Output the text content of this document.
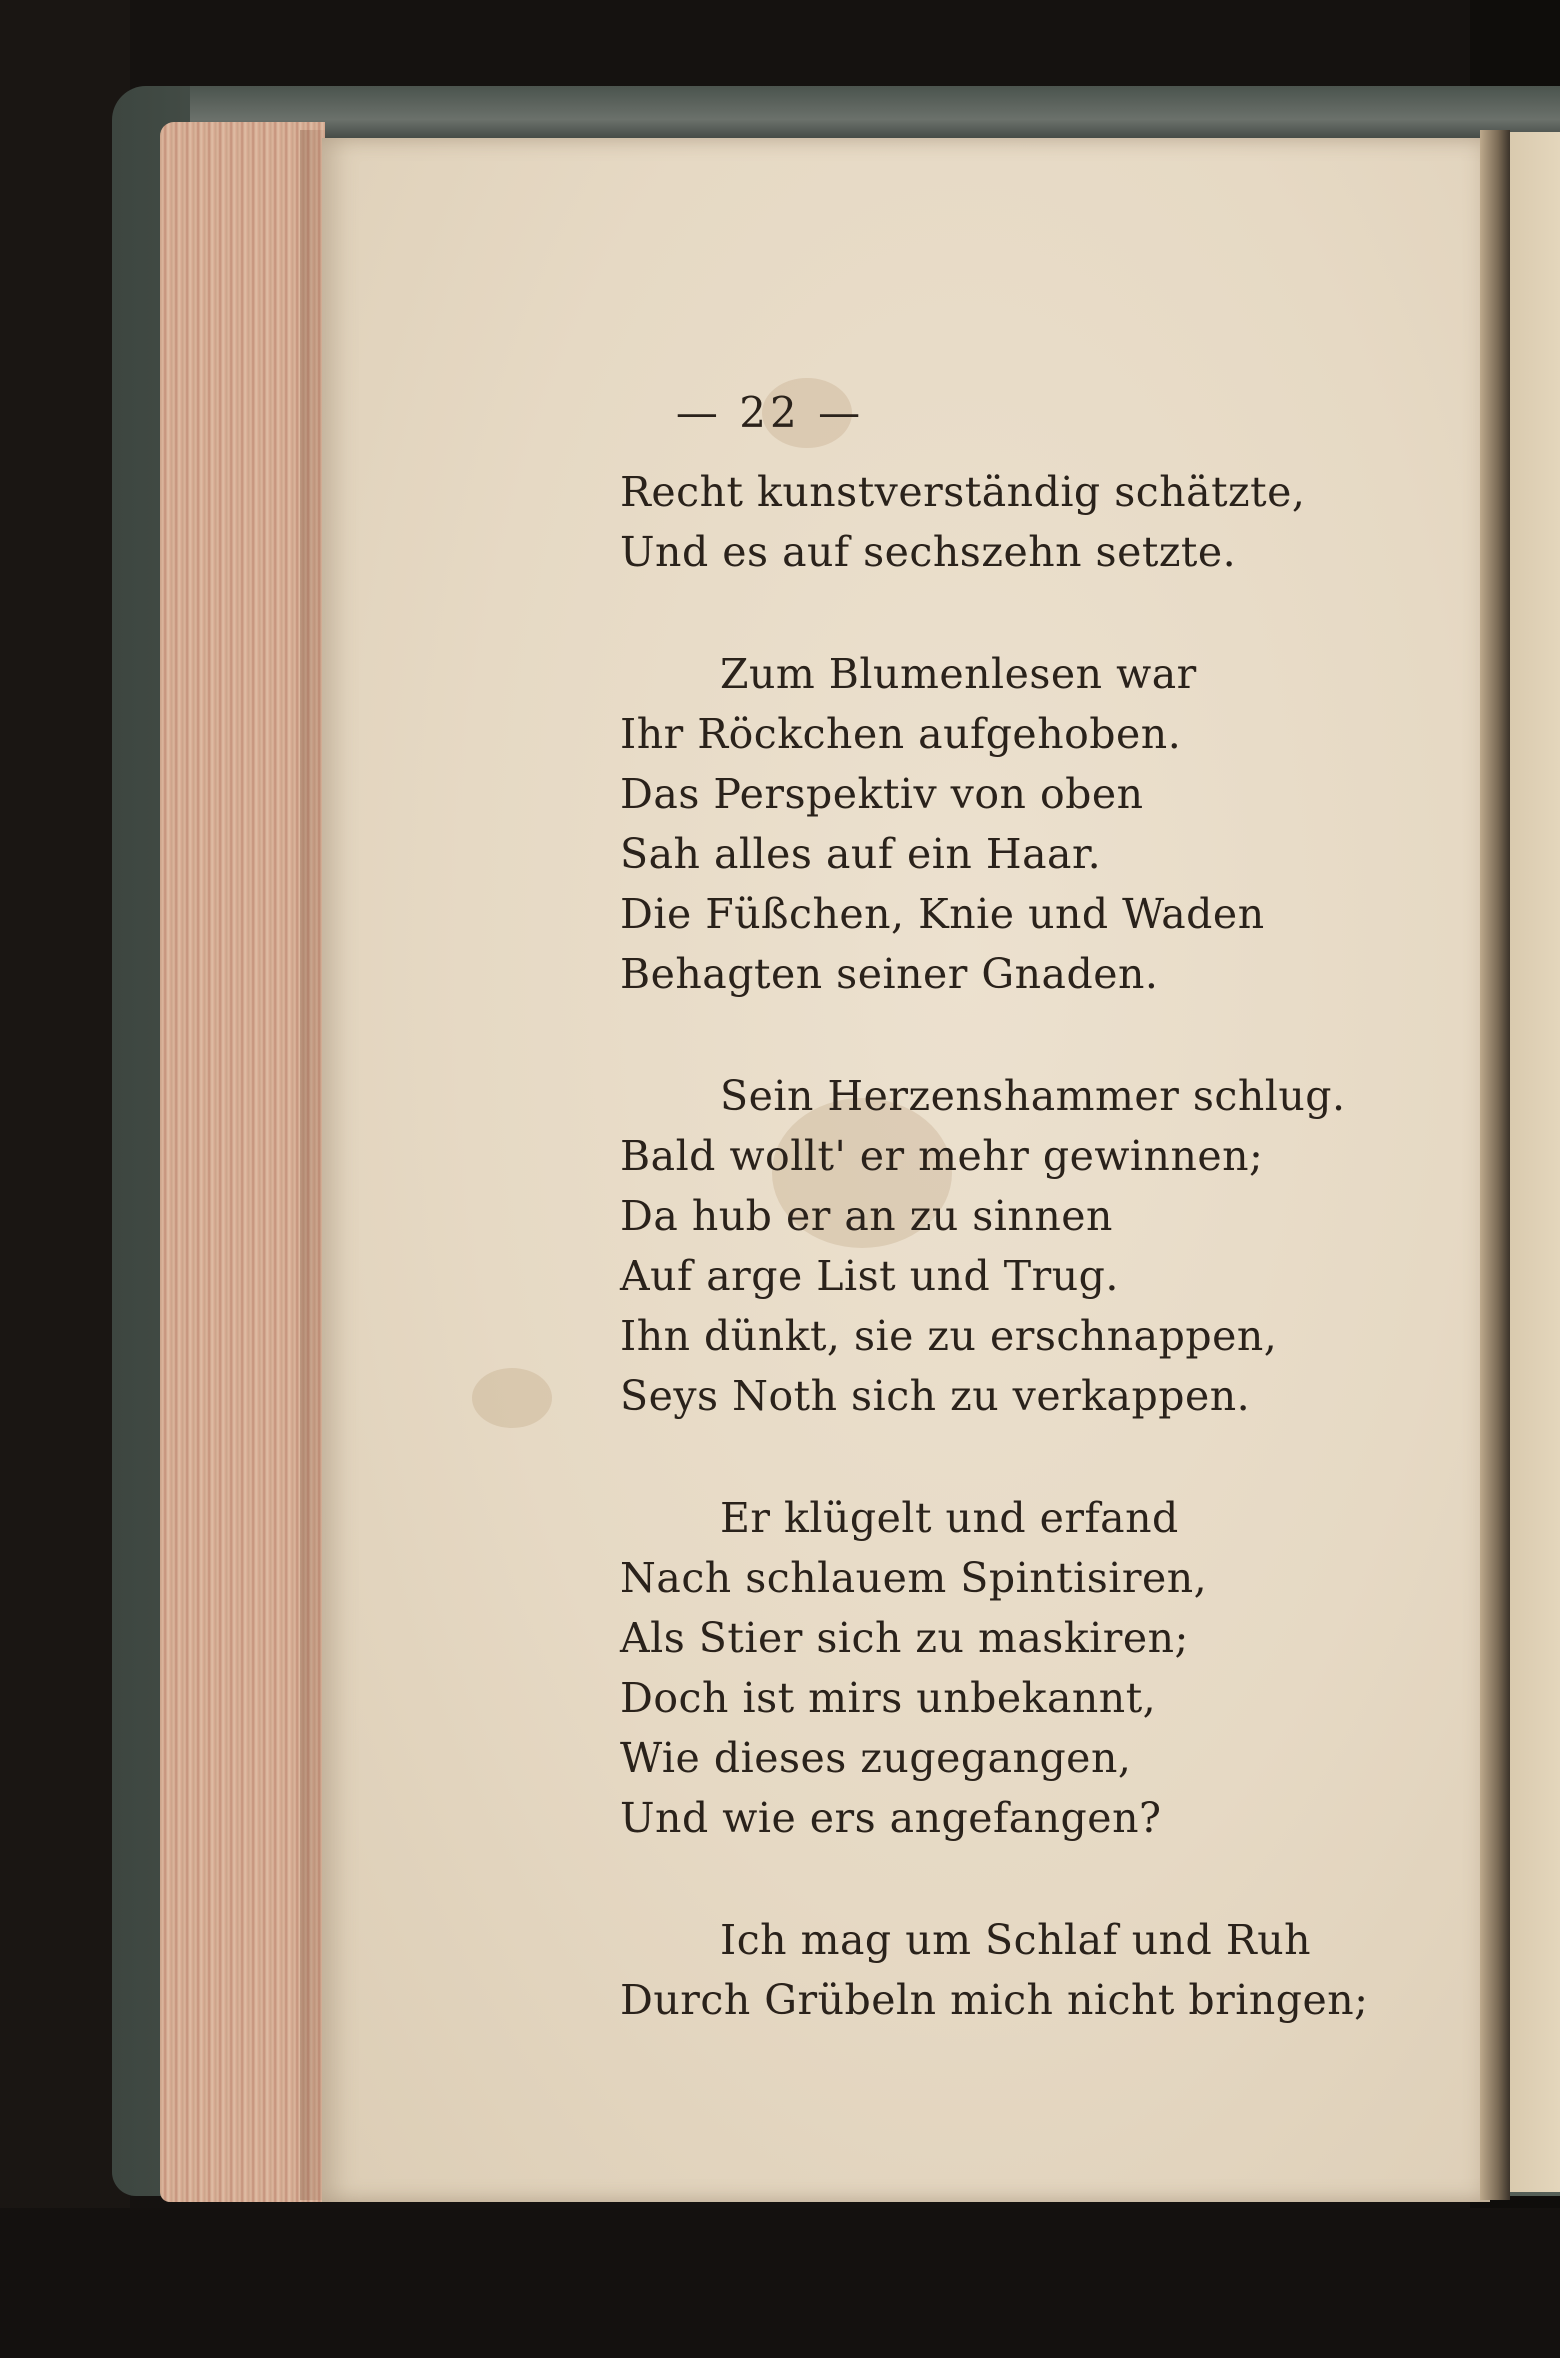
— 22 —
Recht kunstverständig schätzte,
Und es auf sechszehn setzte.
Zum Blumenlesen war
Ihr Röckchen aufgehoben.
Das Perspektiv von oben
Sah alles auf ein Haar.
Die Füßchen, Knie und Waden
Behagten seiner Gnaden.
Sein Herzenshammer schlug.
Bald wollt' er mehr gewinnen;
Da hub er an zu sinnen
Auf arge List und Trug.
Ihn dünkt, sie zu erschnappen,
Seys Noth sich zu verkappen.
Er klügelt und erfand
Nach schlauem Spintisiren,
Als Stier sich zu maskiren;
Doch ist mirs unbekannt,
Wie dieses zugegangen,
Und wie ers angefangen?
Ich mag um Schlaf und Ruh
Durch Grübeln mich nicht bringen;
